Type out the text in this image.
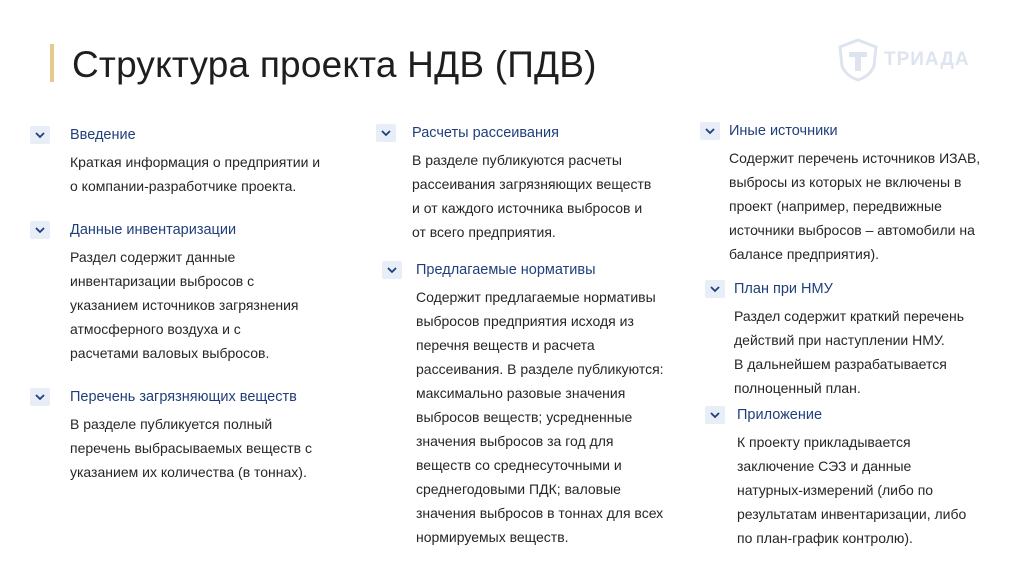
Структура проекта НДВ (ПДВ)	ТРИАДА
Введение
Краткая информация о предприятии и
о компании-разработчике проекта.
Данные инвентаризации
Раздел содержит данные
инвентаризации выбросов с
указанием источников загрязнения
атмосферного воздуха и с
расчетами валовых выбросов.
Перечень загрязняющих веществ
В разделе публикуется полный
перечень выбрасываемых веществ с
указанием их количества (в тоннах).
Расчеты рассеивания
В разделе публикуются расчеты
рассеивания загрязняющих веществ
и от каждого источника выбросов и
от всего предприятия.
Предлагаемые нормативы
Содержит предлагаемые нормативы
выбросов предприятия исходя из
перечня веществ и расчета
рассеивания. В разделе публикуются:
максимально разовые значения
выбросов веществ; усредненные
значения выбросов за год для
веществ со среднесуточными и
среднегодовыми ПДК; валовые
значения выбросов в тоннах для всех
нормируемых веществ.
Иные источники
Содержит перечень источников ИЗАВ,
выбросы из которых не включены в
проект (например, передвижные
источники выбросов – автомобили на
балансе предприятия).
План при НМУ
Раздел содержит краткий перечень
действий при наступлении НМУ.
В дальнейшем разрабатывается
полноценный план.
Приложение
К проекту прикладывается
заключение СЭЗ и данные
натурных-измерений (либо по
результатам инвентаризации, либо
по план-график контролю).
